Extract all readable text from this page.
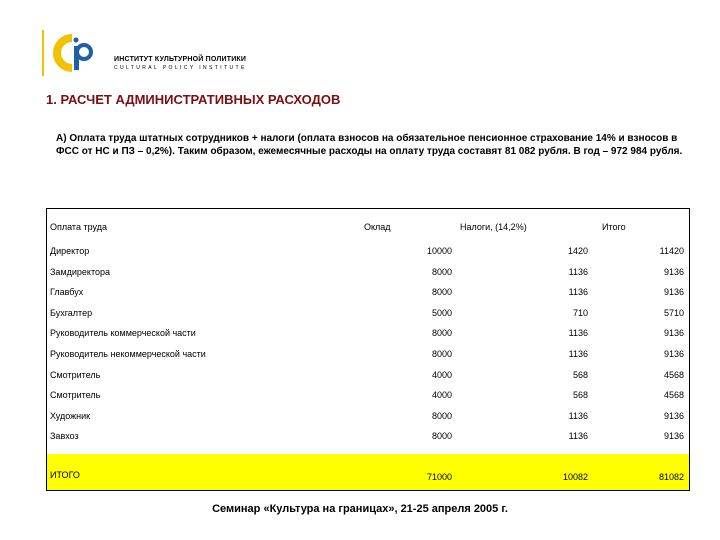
ИНСТИТУТ КУЛЬТУРНОЙ ПОЛИТИКИ
CULTURAL POLICY INSTITUTE
1. РАСЧЕТ АДМИНИСТРАТИВНЫХ РАСХОДОВ
А) Оплата труда штатных сотрудников + налоги (оплата взносов на обязательное пенсионное страхование 14% и взносов в ФСС от НС и ПЗ – 0,2%). Таким образом, ежемесячные расходы на оплату труда составят 81 082 рубля. В год – 972 984 рубля.
Оплата труда	Оклад	Налоги, (14,2%)	Итого
Директор	10000	1420	11420
Замдиректора	8000	1136	9136
Главбух	8000	1136	9136
Бухгалтер	5000	710	5710
Руководитель коммерческой части	8000	1136	9136
Руководитель некоммерческой части	8000	1136	9136
Смотритель	4000	568	4568
Смотритель	4000	568	4568
Художник	8000	1136	9136
Завхоз	8000	1136	9136
ИТОГО	71000	10082	81082
Семинар «Культура на границах», 21-25 апреля 2005 г.
